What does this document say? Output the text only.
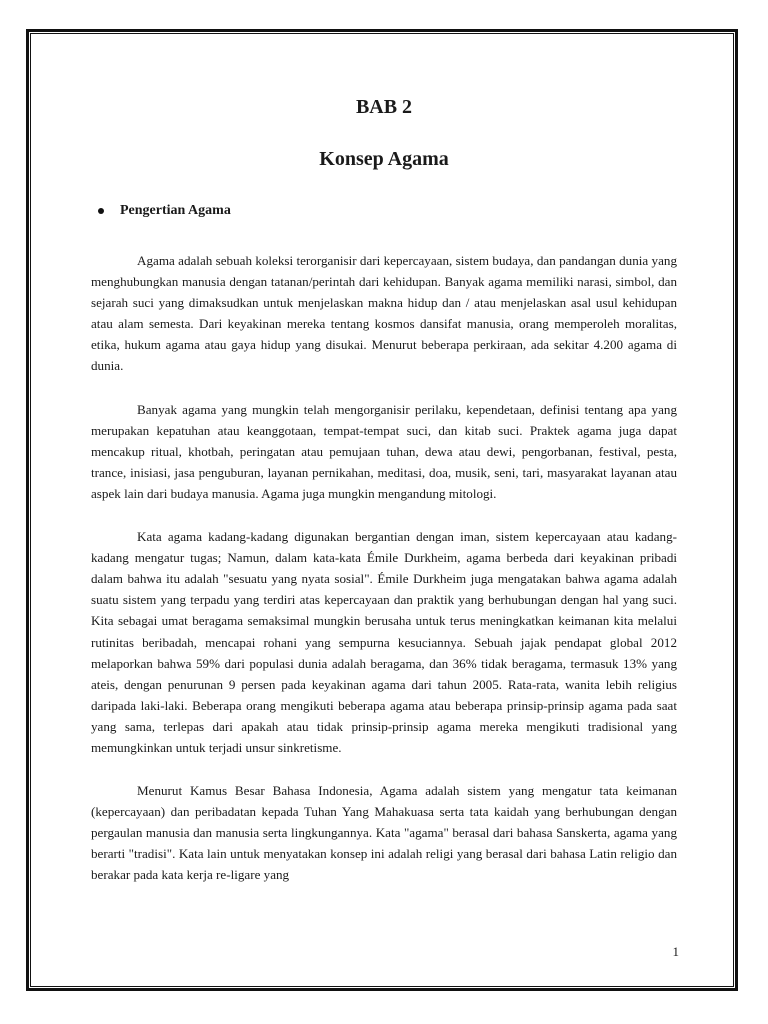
BAB 2
Konsep Agama
Pengertian Agama

Agama adalah sebuah koleksi terorganisir dari kepercayaan, sistem budaya, dan pandangan dunia yang menghubungkan manusia dengan tatanan/perintah dari kehidupan. Banyak agama memiliki narasi, simbol, dan sejarah suci yang dimaksudkan untuk menjelaskan makna hidup dan / atau menjelaskan asal usul kehidupan atau alam semesta. Dari keyakinan mereka tentang kosmos dansifat manusia, orang memperoleh moralitas, etika, hukum agama atau gaya hidup yang disukai. Menurut beberapa perkiraan, ada sekitar 4.200 agama di dunia.

Banyak agama yang mungkin telah mengorganisir perilaku, kependetaan, definisi tentang apa yang merupakan kepatuhan atau keanggotaan, tempat-tempat suci, dan kitab suci. Praktek agama juga dapat mencakup ritual, khotbah, peringatan atau pemujaan tuhan, dewa atau dewi, pengorbanan, festival, pesta, trance, inisiasi, jasa penguburan, layanan pernikahan, meditasi, doa, musik, seni, tari, masyarakat layanan atau aspek lain dari budaya manusia. Agama juga mungkin mengandung mitologi.

Kata agama kadang-kadang digunakan bergantian dengan iman, sistem kepercayaan atau kadang-kadang mengatur tugas; Namun, dalam kata-kata Émile Durkheim, agama berbeda dari keyakinan pribadi dalam bahwa itu adalah "sesuatu yang nyata sosial". Émile Durkheim juga mengatakan bahwa agama adalah suatu sistem yang terpadu yang terdiri atas kepercayaan dan praktik yang berhubungan dengan hal yang suci. Kita sebagai umat beragama semaksimal mungkin berusaha untuk terus meningkatkan keimanan kita melalui rutinitas beribadah, mencapai rohani yang sempurna kesuciannya. Sebuah jajak pendapat global 2012 melaporkan bahwa 59% dari populasi dunia adalah beragama, dan 36% tidak beragama, termasuk 13% yang ateis, dengan penurunan 9 persen pada keyakinan agama dari tahun 2005. Rata-rata, wanita lebih religius daripada laki-laki. Beberapa orang mengikuti beberapa agama atau beberapa prinsip-prinsip agama pada saat yang sama, terlepas dari apakah atau tidak prinsip-prinsip agama mereka mengikuti tradisional yang memungkinkan untuk terjadi unsur sinkretisme.

Menurut Kamus Besar Bahasa Indonesia, Agama adalah sistem yang mengatur tata keimanan (kepercayaan) dan peribadatan kepada Tuhan Yang Mahakuasa serta tata kaidah yang berhubungan dengan pergaulan manusia dan manusia serta lingkungannya. Kata "agama" berasal dari bahasa Sanskerta, agama yang berarti "tradisi". Kata lain untuk menyatakan konsep ini adalah religi yang berasal dari bahasa Latin religio dan berakar pada kata kerja re-ligare yang

1
